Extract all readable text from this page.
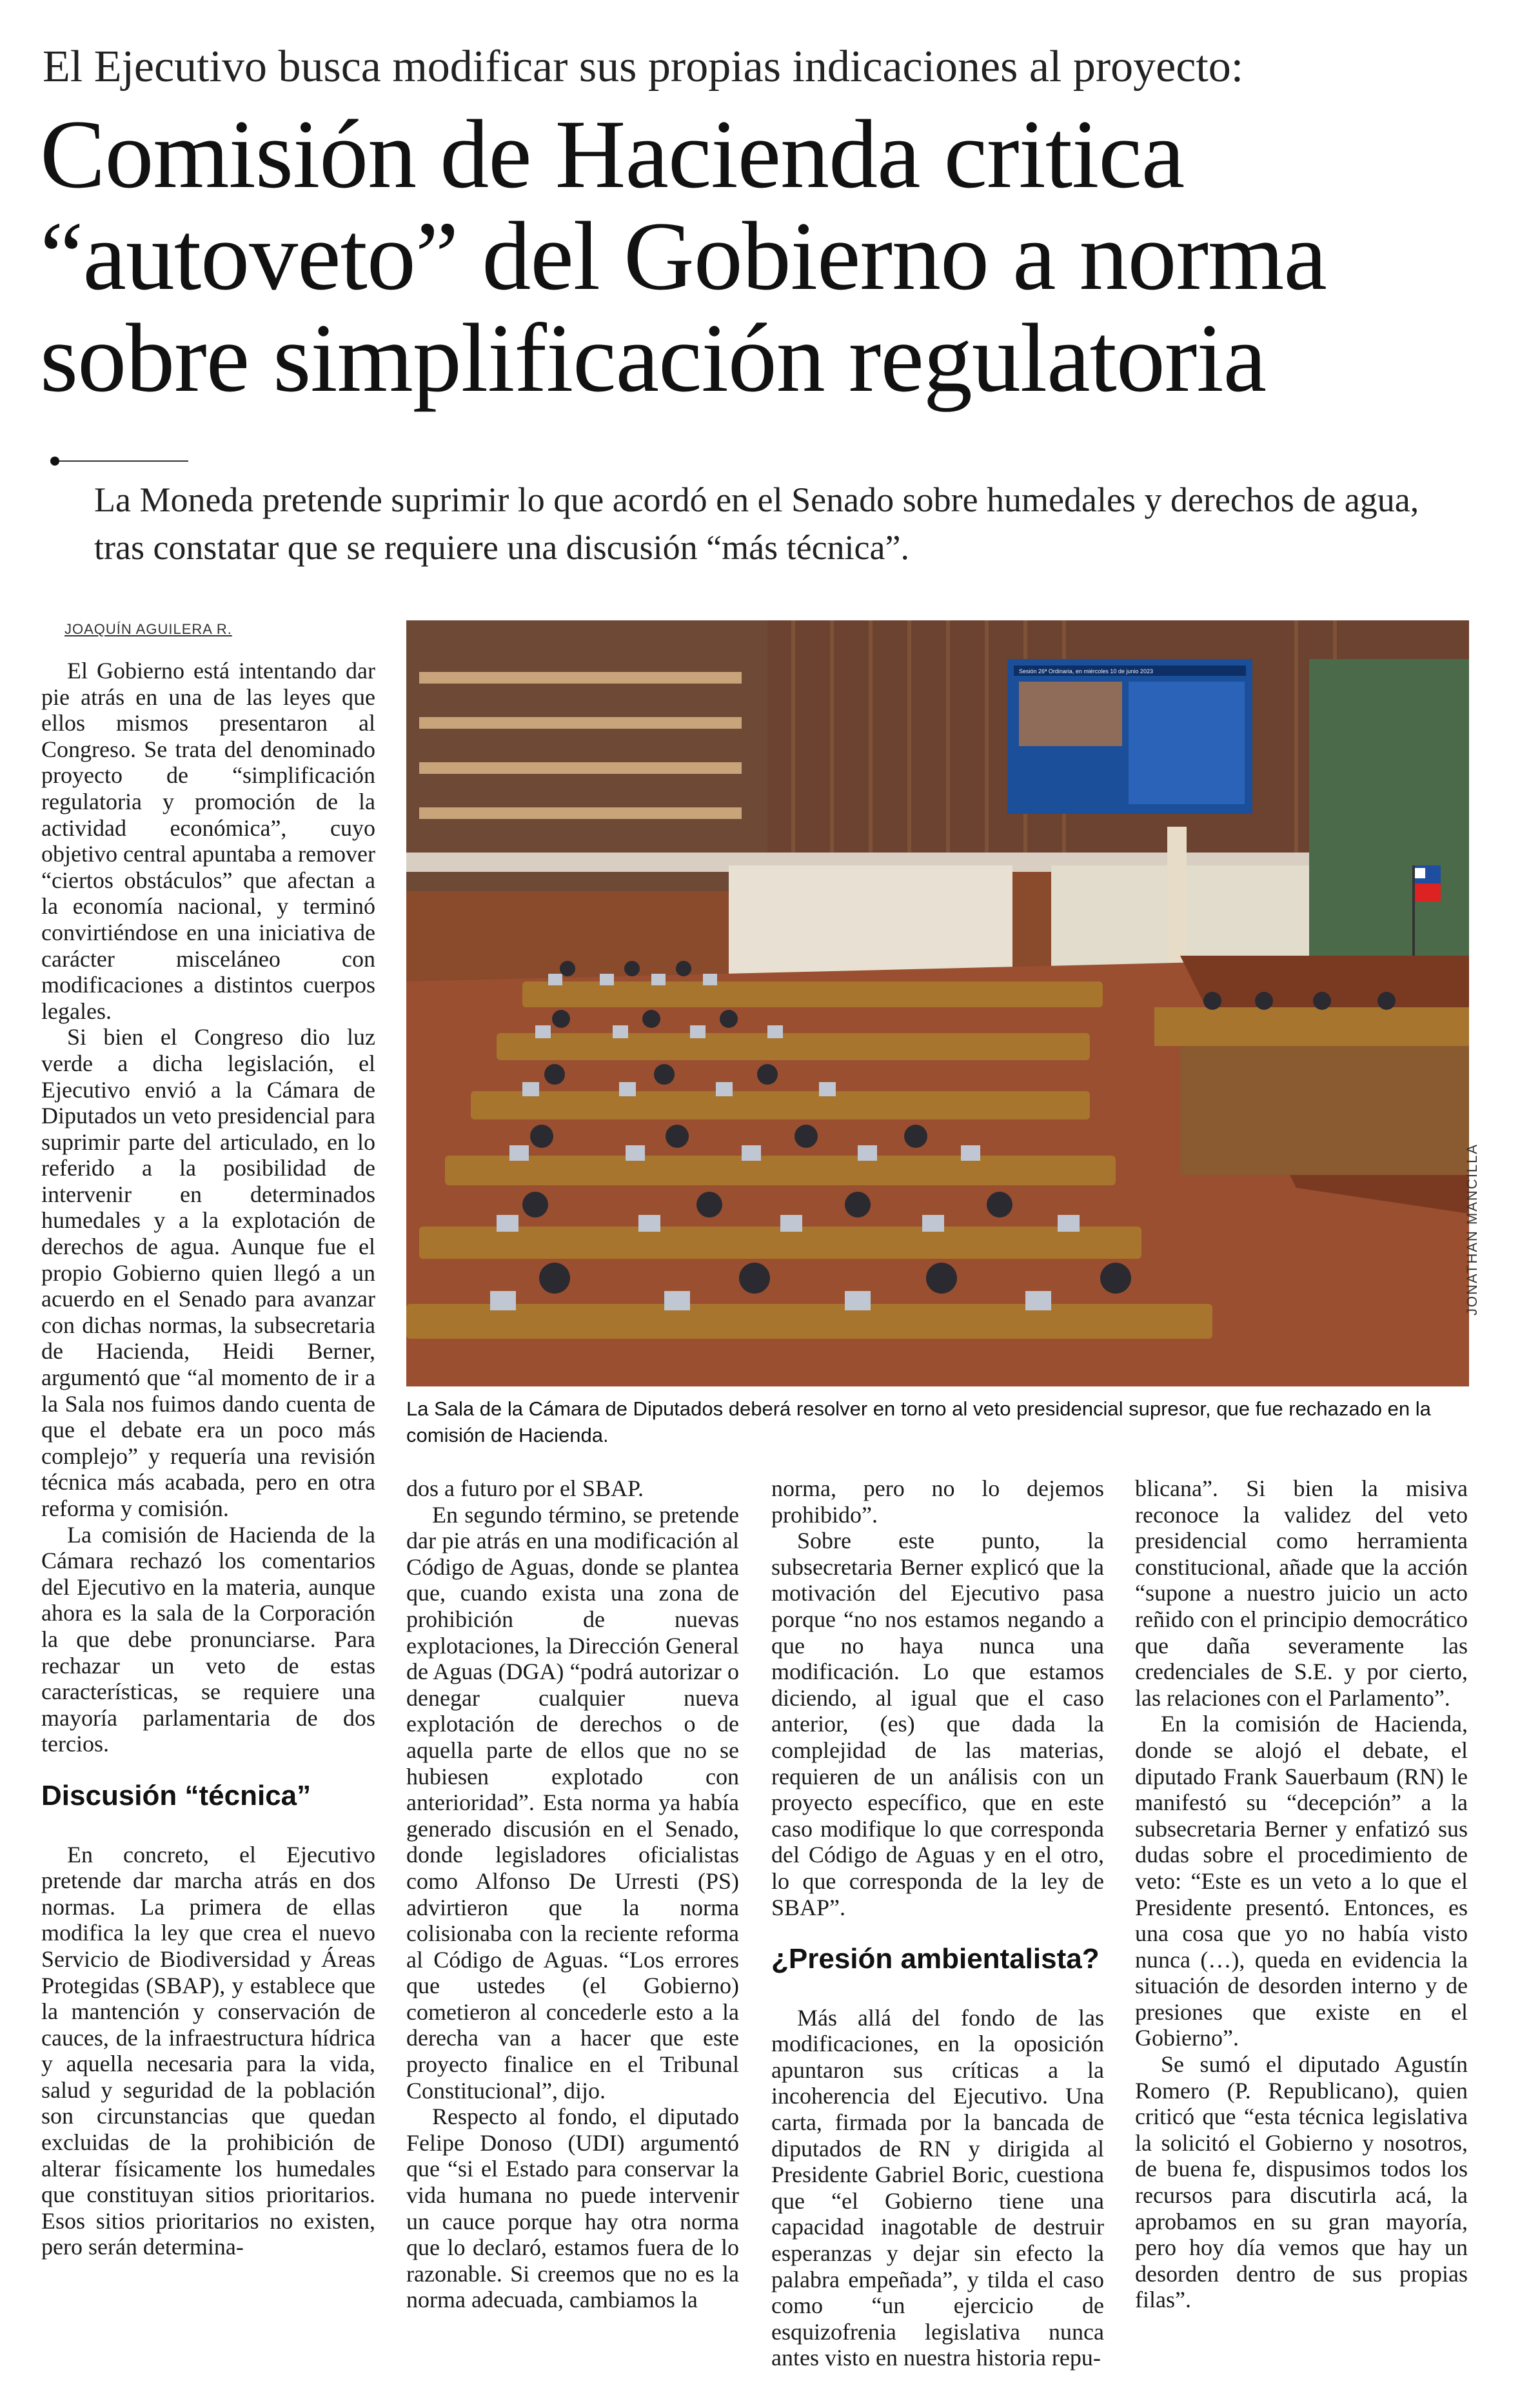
El Ejecutivo busca modificar sus propias indicaciones al proyecto:
Comisión de Hacienda critica
“autoveto” del Gobierno a norma
sobre simplificación regulatoria
La Moneda pretende suprimir lo que acordó en el Senado sobre humedales y derechos de agua, tras constatar que se requiere una discusión “más técnica”.
JOAQUÍN AGUILERA R.

El Gobierno está intentando dar pie atrás en una de las leyes que ellos mismos presentaron al Congreso. Se trata del denominado proyecto de “simplificación regulatoria y promoción de la actividad económica”, cuyo objetivo central apuntaba a remover “ciertos obstáculos” que afectan a la economía nacional, y terminó convirtiéndose en una iniciativa de carácter misceláneo con modificaciones a distintos cuerpos legales.

Si bien el Congreso dio luz verde a dicha legislación, el Ejecutivo envió a la Cámara de Diputados un veto presidencial para suprimir parte del articulado, en lo referido a la posibilidad de intervenir en determinados humedales y a la explotación de derechos de agua. Aunque fue el propio Gobierno quien llegó a un acuerdo en el Senado para avanzar con dichas normas, la subsecretaria de Hacienda, Heidi Berner, argumentó que “al momento de ir a la Sala nos fuimos dando cuenta de que el debate era un poco más complejo” y requería una revisión técnica más acabada, pero en otra reforma y comisión.

La comisión de Hacienda de la Cámara rechazó los comentarios del Ejecutivo en la materia, aunque ahora es la sala de la Corporación la que debe pronunciarse. Para rechazar un veto de estas características, se requiere una mayoría parlamentaria de dos tercios.

Discusión “técnica”

En concreto, el Ejecutivo pretende dar marcha atrás en dos normas. La primera de ellas modifica la ley que crea el nuevo Servicio de Biodiversidad y Áreas Protegidas (SBAP), y establece que la mantención y conservación de cauces, de la infraestructura hídrica y aquella necesaria para la vida, salud y seguridad de la población son circunstancias que quedan excluidas de la prohibición de alterar físicamente los humedales que constituyan sitios prioritarios. Esos sitios prioritarios no existen, pero serán determina-

Sesión 26ª Ordinaria, en miércoles 10 de junio 2023
JONATHAN MANCILLA
La Sala de la Cámara de Diputados deberá resolver en torno al veto presidencial supresor, que fue rechazado en la comisión de Hacienda.

dos a futuro por el SBAP.

En segundo término, se pretende dar pie atrás en una modificación al Código de Aguas, donde se plantea que, cuando exista una zona de prohibición de nuevas explotaciones, la Dirección General de Aguas (DGA) “podrá autorizar o denegar cualquier nueva explotación de derechos o de aquella parte de ellos que no se hubiesen explotado con anterioridad”. Esta norma ya había generado discusión en el Senado, donde legisladores oficialistas como Alfonso De Urresti (PS) advirtieron que la norma colisionaba con la reciente reforma al Código de Aguas. “Los errores que ustedes (el Gobierno) cometieron al concederle esto a la derecha van a hacer que este proyecto finalice en el Tribunal Constitucional”, dijo.

Respecto al fondo, el diputado Felipe Donoso (UDI) argumentó que “si el Estado para conservar la vida humana no puede intervenir un cauce porque hay otra norma que lo declaró, estamos fuera de lo razonable. Si creemos que no es la norma adecuada, cambiamos la

norma, pero no lo dejemos prohibido”.

Sobre este punto, la subsecretaria Berner explicó que la motivación del Ejecutivo pasa porque “no nos estamos negando a que no haya nunca una modificación. Lo que estamos diciendo, al igual que el caso anterior, (es) que dada la complejidad de las materias, requieren de un análisis con un proyecto específico, que en este caso modifique lo que corresponda del Código de Aguas y en el otro, lo que corresponda de la ley de SBAP”.

¿Presión ambientalista?

Más allá del fondo de las modificaciones, en la oposición apuntaron sus críticas a la incoherencia del Ejecutivo. Una carta, firmada por la bancada de diputados de RN y dirigida al Presidente Gabriel Boric, cuestiona que “el Gobierno tiene una capacidad inagotable de destruir esperanzas y dejar sin efecto la palabra empeñada”, y tilda el caso como “un ejercicio de esquizofrenia legislativa nunca antes visto en nuestra historia repu-

blicana”. Si bien la misiva reconoce la validez del veto presidencial como herramienta constitucional, añade que la acción “supone a nuestro juicio un acto reñido con el principio democrático que daña severamente las credenciales de S.E. y por cierto, las relaciones con el Parlamento”.

En la comisión de Hacienda, donde se alojó el debate, el diputado Frank Sauerbaum (RN) le manifestó su “decepción” a la subsecretaria Berner y enfatizó sus dudas sobre el procedimiento de veto: “Este es un veto a lo que el Presidente presentó. Entonces, es una cosa que yo no había visto nunca (…), queda en evidencia la situación de desorden interno y de presiones que existe en el Gobierno”.

Se sumó el diputado Agustín Romero (P. Republicano), quien criticó que “esta técnica legislativa la solicitó el Gobierno y nosotros, de buena fe, dispusimos todos los recursos para discutirla acá, la aprobamos en su gran mayoría, pero hoy día vemos que hay un desorden dentro de sus propias filas”.
